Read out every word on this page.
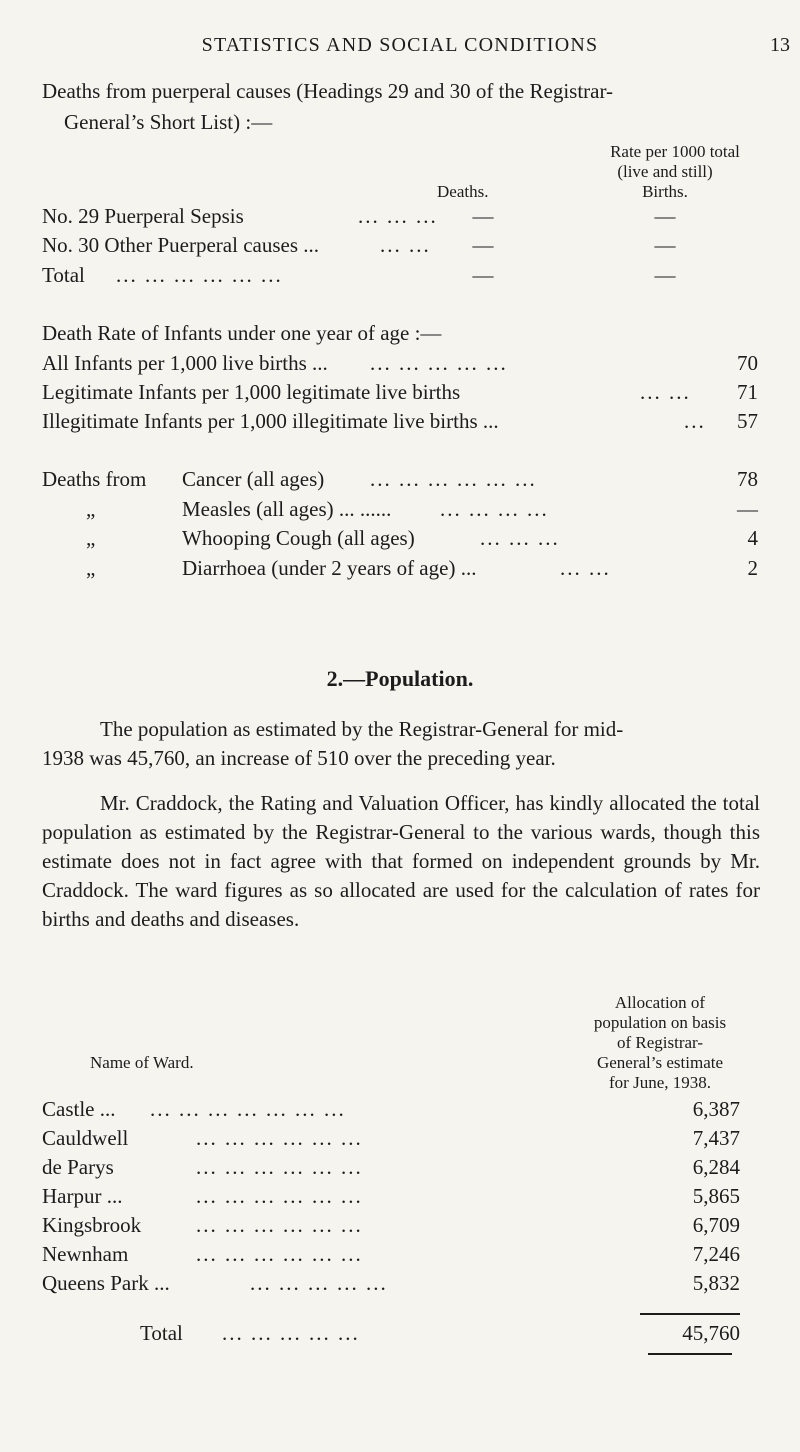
STATISTICS AND SOCIAL CONDITIONS	13
Deaths from puerperal causes (Headings 29 and 30 of the Registrar-
General’s Short List) :—
Rate per 1000 total
(live and still)
Births.
Deaths.
No. 29 Puerperal Sepsis	... ... ...	—	—
No. 30 Other Puerperal causes ...	... ...	—	—
Total ... ... ... ... ... ...	—	—
Death Rate of Infants under one year of age :—
All Infants per 1,000 live births ... ... ... ... ... ...	70
Legitimate Infants per 1,000 legitimate live births	... ...	71
Illegitimate Infants per 1,000 illegitimate live births ...	...	57
Deaths from Cancer (all ages) ... ... ... ... ... ...	78
„	Measles (all ages) ... ...... ... ... ... ...	—
„	Whooping Cough (all ages)	... ... ...	4
„	Diarrhoea (under 2 years of age) ...	... ...	2
2.—Population.
The population as estimated by the Registrar-General for mid-
1938 was 45,760, an increase of 510 over the preceding year.

Mr. Craddock, the Rating and Valuation Officer, has kindly allocated the total population as estimated by the Registrar-General to the various wards, though this estimate does not in fact agree with that formed on independent grounds by Mr. Craddock. The ward figures as so allocated are used for the calculation of rates for births and deaths and diseases.

Allocation of
population on basis
of Registrar-
General’s estimate
for June, 1938.
Name of Ward.
Castle ... ... ... ... ... ... ... ...	6,387
Cauldwell	... ... ... ... ... ...	7,437
de Parys	... ... ... ... ... ...	6,284
Harpur ...	... ... ... ... ... ...	5,865
Kingsbrook	... ... ... ... ... ...	6,709
Newnham	... ... ... ... ... ...	7,246
Queens Park ...	... ... ... ... ...	5,832
Total ... ... ... ... ...	45,760
